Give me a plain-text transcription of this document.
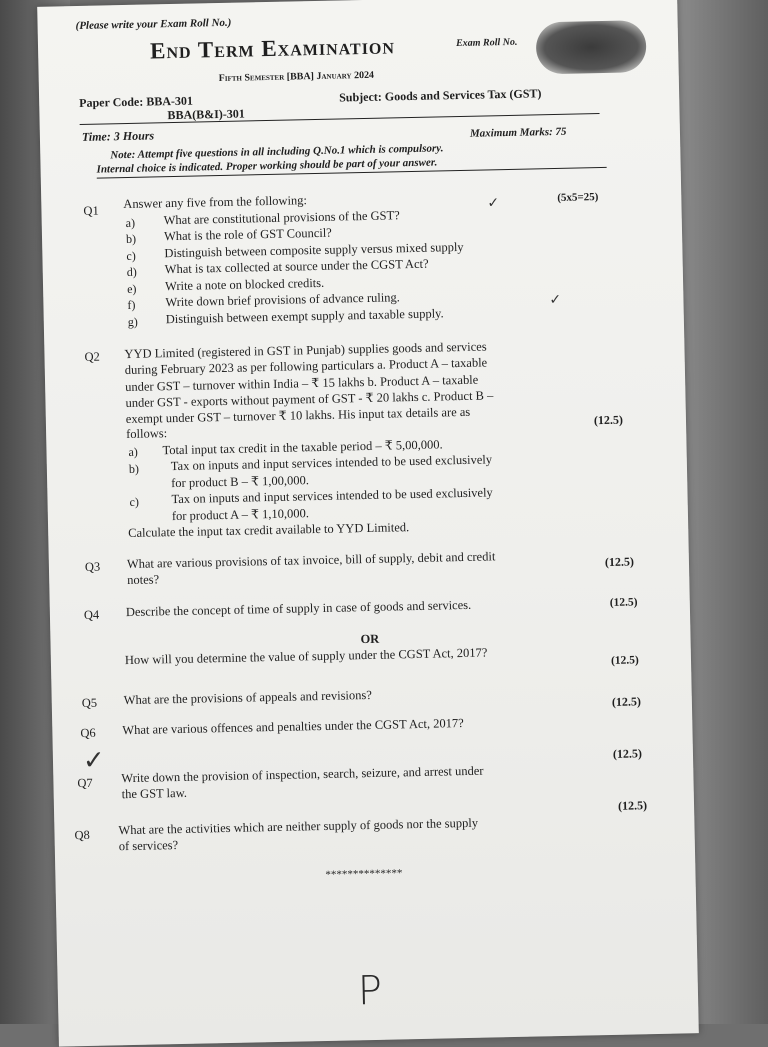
(Please write your Exam Roll No.)
Exam Roll No.
End Term Examination
Fifth Semester [BBA] January 2024
Paper Code: BBA-301
BBA(B&I)-301
Subject: Goods and Services Tax (GST)
Time: 3 Hours	Maximum Marks: 75
Note: Attempt five questions in all including Q.No.1 which is compulsory.
Internal choice is indicated. Proper working should be part of your answer.
Q1 Answer any five from the following:	(5x5=25)
a) What are constitutional provisions of the GST?
✓
b) What is the role of GST Council?
c) Distinguish between composite supply versus mixed supply
d) What is tax collected at source under the CGST Act?
e) Write a note on blocked credits.
f) Write down brief provisions of advance ruling.
g) Distinguish between exempt supply and taxable supply.
✓
Q2 YYD Limited (registered in GST in Punjab) supplies goods and services
during February 2023 as per following particulars a. Product A – taxable
under GST – turnover within India – ₹ 15 lakhs b. Product A – taxable
under GST - exports without payment of GST - ₹ 20 lakhs c. Product B –
exempt under GST – turnover ₹ 10 lakhs. His input tax details are as
follows:
(12.5)
a) Total input tax credit in the taxable period – ₹ 5,00,000.
b)	Tax on inputs and input services intended to be used exclusively
for product B – ₹ 1,00,000.
c)	Tax on inputs and input services intended to be used exclusively
for product A – ₹ 1,10,000.
Calculate the input tax credit available to YYD Limited.
Q3 What are various provisions of tax invoice, bill of supply, debit and credit
notes?
(12.5)
Q4 Describe the concept of time of supply in case of goods and services.	(12.5)
OR
How will you determine the value of supply under the CGST Act, 2017?	(12.5)
Q5 What are the provisions of appeals and revisions?
Q6 What are various offences and penalties under the CGST Act, 2017?
(12.5)
Q7
✓ Write down the provision of inspection, search, seizure, and arrest under
the GST law.
(12.5)
Q8 What are the activities which are neither supply of goods nor the supply
of services?
(12.5)
**************
P
